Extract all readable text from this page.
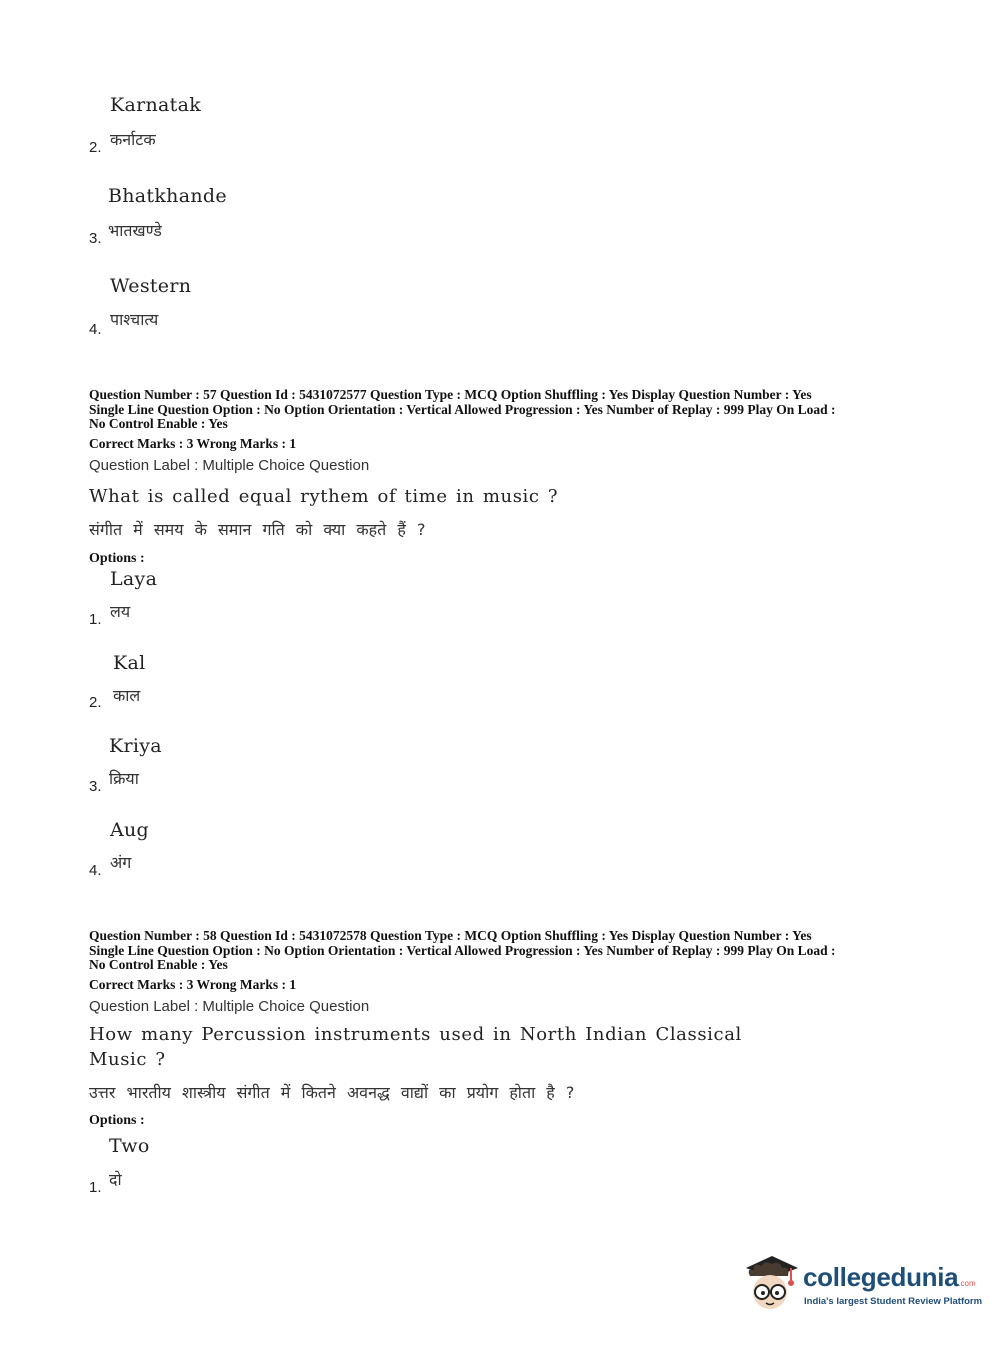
Karnatak
कर्नाटक
2.
Bhatkhande
भातखण्डे
3.
Western
पाश्चात्य
4.
Question Number : 57 Question Id : 5431072577 Question Type : MCQ Option Shuffling : Yes Display Question Number : Yes
Single Line Question Option : No Option Orientation : Vertical Allowed Progression : Yes Number of Replay : 999 Play On Load :
No Control Enable : Yes
Correct Marks : 3 Wrong Marks : 1
Question Label : Multiple Choice Question
What is called equal rythem of time in music ?
संगीत में समय के समान गति को क्या कहते हैं ?
Options :
Laya
लय
1.
Kal
काल
2.
Kriya
क्रिया
3.
Aug
अंग
4.
Question Number : 58 Question Id : 5431072578 Question Type : MCQ Option Shuffling : Yes Display Question Number : Yes
Single Line Question Option : No Option Orientation : Vertical Allowed Progression : Yes Number of Replay : 999 Play On Load :
No Control Enable : Yes
Correct Marks : 3 Wrong Marks : 1
Question Label : Multiple Choice Question
How many Percussion instruments used in North Indian Classical
Music ?
उत्तर भारतीय शास्त्रीय संगीत में कितने अवनद्ध वाद्यों का प्रयोग होता है ?
Options :
Two
दो
1.
collegedunia.com
India's largest Student Review Platform
